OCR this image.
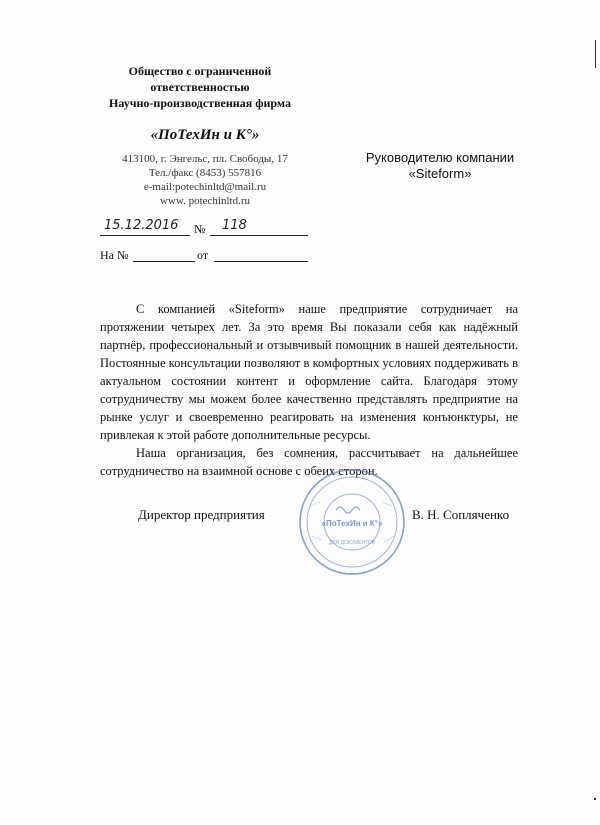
Общество с ограниченной
ответственностью
Научно-производственная фирма
«ПоТехИн и К°»
413100, г. Энгельс, пл. Свободы, 17
Тел./факс (8453) 557816
e-mail:potechinltd@mail.ru
www. potechinltd.ru
Руководителю компании
«Siteform»
15.12.2016 № 118
На №	от

С компанией «Siteform» наше предприятие сотрудничает на протяжении четырех лет. За это время Вы показали себя как надёжный партнёр, профессиональный и отзывчивый помощник в нашей деятельности. Постоянные консультации позволяют в комфортных условиях поддерживать в актуальном состоянии контент и оформление сайта. Благодаря этому сотрудничеству мы можем более качественно представлять предприятие на рынке услуг и своевременно реагировать на изменения конъюнктуры, не привлекая к этой работе дополнительные ресурсы.

Наша организация, без сомнения, рассчитывает на дальнейшее сотрудничество на взаимной основе с обеих сторон.

Директор предприятия	В. Н. Сопляченко
«ПоТехИн и К°»
ДЛЯ ДОКУМЕНТОВ
